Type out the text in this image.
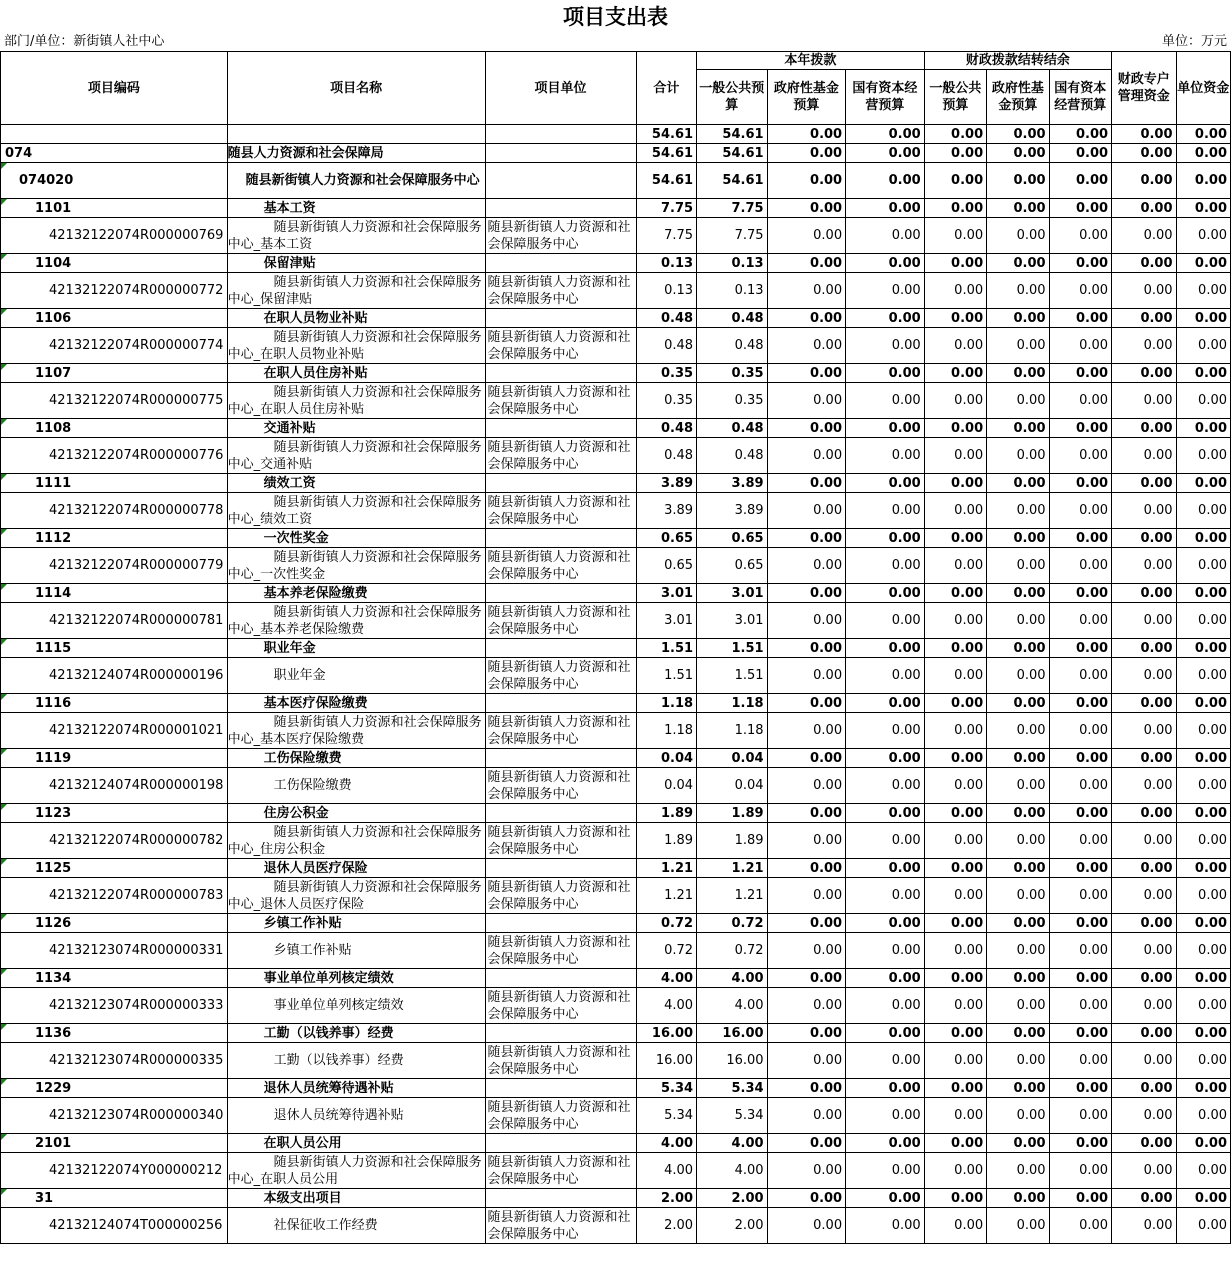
项目支出表
部门/单位：新街镇人社中心	单位：万元
项目编码	项目名称	项目单位	合计	本年拨款			财政拨款结转结余			财政专户管理资金	单位资金
				一般公共预算	政府性基金预算	国有资本经营预算	一般公共预算	政府性基金预算	国有资本经营预算		
			54.61	54.61	0.00	0.00	0.00	0.00	0.00	0.00	0.00
074	随县人力资源和社会保障局		54.61	54.61	0.00	0.00	0.00	0.00	0.00	0.00	0.00
074020	随县新街镇人力资源和社会保障服务中心		54.61	54.61	0.00	0.00	0.00	0.00	0.00	0.00	0.00
1101	基本工资		7.75	7.75	0.00	0.00	0.00	0.00	0.00	0.00	0.00
42132122074R000000769	随县新街镇人力资源和社会保障服务中心_基本工资	随县新街镇人力资源和社会保障服务中心	7.75	7.75	0.00	0.00	0.00	0.00	0.00	0.00	0.00
1104	保留津贴		0.13	0.13	0.00	0.00	0.00	0.00	0.00	0.00	0.00
42132122074R000000772	随县新街镇人力资源和社会保障服务中心_保留津贴	随县新街镇人力资源和社会保障服务中心	0.13	0.13	0.00	0.00	0.00	0.00	0.00	0.00	0.00
1106	在职人员物业补贴		0.48	0.48	0.00	0.00	0.00	0.00	0.00	0.00	0.00
42132122074R000000774	随县新街镇人力资源和社会保障服务中心_在职人员物业补贴	随县新街镇人力资源和社会保障服务中心	0.48	0.48	0.00	0.00	0.00	0.00	0.00	0.00	0.00
1107	在职人员住房补贴		0.35	0.35	0.00	0.00	0.00	0.00	0.00	0.00	0.00
42132122074R000000775	随县新街镇人力资源和社会保障服务中心_在职人员住房补贴	随县新街镇人力资源和社会保障服务中心	0.35	0.35	0.00	0.00	0.00	0.00	0.00	0.00	0.00
1108	交通补贴		0.48	0.48	0.00	0.00	0.00	0.00	0.00	0.00	0.00
42132122074R000000776	随县新街镇人力资源和社会保障服务中心_交通补贴	随县新街镇人力资源和社会保障服务中心	0.48	0.48	0.00	0.00	0.00	0.00	0.00	0.00	0.00
1111	绩效工资		3.89	3.89	0.00	0.00	0.00	0.00	0.00	0.00	0.00
42132122074R000000778	随县新街镇人力资源和社会保障服务中心_绩效工资	随县新街镇人力资源和社会保障服务中心	3.89	3.89	0.00	0.00	0.00	0.00	0.00	0.00	0.00
1112	一次性奖金		0.65	0.65	0.00	0.00	0.00	0.00	0.00	0.00	0.00
42132122074R000000779	随县新街镇人力资源和社会保障服务中心_一次性奖金	随县新街镇人力资源和社会保障服务中心	0.65	0.65	0.00	0.00	0.00	0.00	0.00	0.00	0.00
1114	基本养老保险缴费		3.01	3.01	0.00	0.00	0.00	0.00	0.00	0.00	0.00
42132122074R000000781	随县新街镇人力资源和社会保障服务中心_基本养老保险缴费	随县新街镇人力资源和社会保障服务中心	3.01	3.01	0.00	0.00	0.00	0.00	0.00	0.00	0.00
1115	职业年金		1.51	1.51	0.00	0.00	0.00	0.00	0.00	0.00	0.00
42132124074R000000196	职业年金	随县新街镇人力资源和社会保障服务中心	1.51	1.51	0.00	0.00	0.00	0.00	0.00	0.00	0.00
1116	基本医疗保险缴费		1.18	1.18	0.00	0.00	0.00	0.00	0.00	0.00	0.00
42132122074R000001021	随县新街镇人力资源和社会保障服务中心_基本医疗保险缴费	随县新街镇人力资源和社会保障服务中心	1.18	1.18	0.00	0.00	0.00	0.00	0.00	0.00	0.00
1119	工伤保险缴费		0.04	0.04	0.00	0.00	0.00	0.00	0.00	0.00	0.00
42132124074R000000198	工伤保险缴费	随县新街镇人力资源和社会保障服务中心	0.04	0.04	0.00	0.00	0.00	0.00	0.00	0.00	0.00
1123	住房公积金		1.89	1.89	0.00	0.00	0.00	0.00	0.00	0.00	0.00
42132122074R000000782	随县新街镇人力资源和社会保障服务中心_住房公积金	随县新街镇人力资源和社会保障服务中心	1.89	1.89	0.00	0.00	0.00	0.00	0.00	0.00	0.00
1125	退休人员医疗保险		1.21	1.21	0.00	0.00	0.00	0.00	0.00	0.00	0.00
42132122074R000000783	随县新街镇人力资源和社会保障服务中心_退休人员医疗保险	随县新街镇人力资源和社会保障服务中心	1.21	1.21	0.00	0.00	0.00	0.00	0.00	0.00	0.00
1126	乡镇工作补贴		0.72	0.72	0.00	0.00	0.00	0.00	0.00	0.00	0.00
42132123074R000000331	乡镇工作补贴	随县新街镇人力资源和社会保障服务中心	0.72	0.72	0.00	0.00	0.00	0.00	0.00	0.00	0.00
1134	事业单位单列核定绩效		4.00	4.00	0.00	0.00	0.00	0.00	0.00	0.00	0.00
42132123074R000000333	事业单位单列核定绩效	随县新街镇人力资源和社会保障服务中心	4.00	4.00	0.00	0.00	0.00	0.00	0.00	0.00	0.00
1136	工勤（以钱养事）经费		16.00	16.00	0.00	0.00	0.00	0.00	0.00	0.00	0.00
42132123074R000000335	工勤（以钱养事）经费	随县新街镇人力资源和社会保障服务中心	16.00	16.00	0.00	0.00	0.00	0.00	0.00	0.00	0.00
1229	退休人员统筹待遇补贴		5.34	5.34	0.00	0.00	0.00	0.00	0.00	0.00	0.00
42132123074R000000340	退休人员统筹待遇补贴	随县新街镇人力资源和社会保障服务中心	5.34	5.34	0.00	0.00	0.00	0.00	0.00	0.00	0.00
2101	在职人员公用		4.00	4.00	0.00	0.00	0.00	0.00	0.00	0.00	0.00
42132122074Y000000212	随县新街镇人力资源和社会保障服务中心_在职人员公用	随县新街镇人力资源和社会保障服务中心	4.00	4.00	0.00	0.00	0.00	0.00	0.00	0.00	0.00
31	本级支出项目		2.00	2.00	0.00	0.00	0.00	0.00	0.00	0.00	0.00
42132124074T000000256	社保征收工作经费	随县新街镇人力资源和社会保障服务中心	2.00	2.00	0.00	0.00	0.00	0.00	0.00	0.00	0.00
